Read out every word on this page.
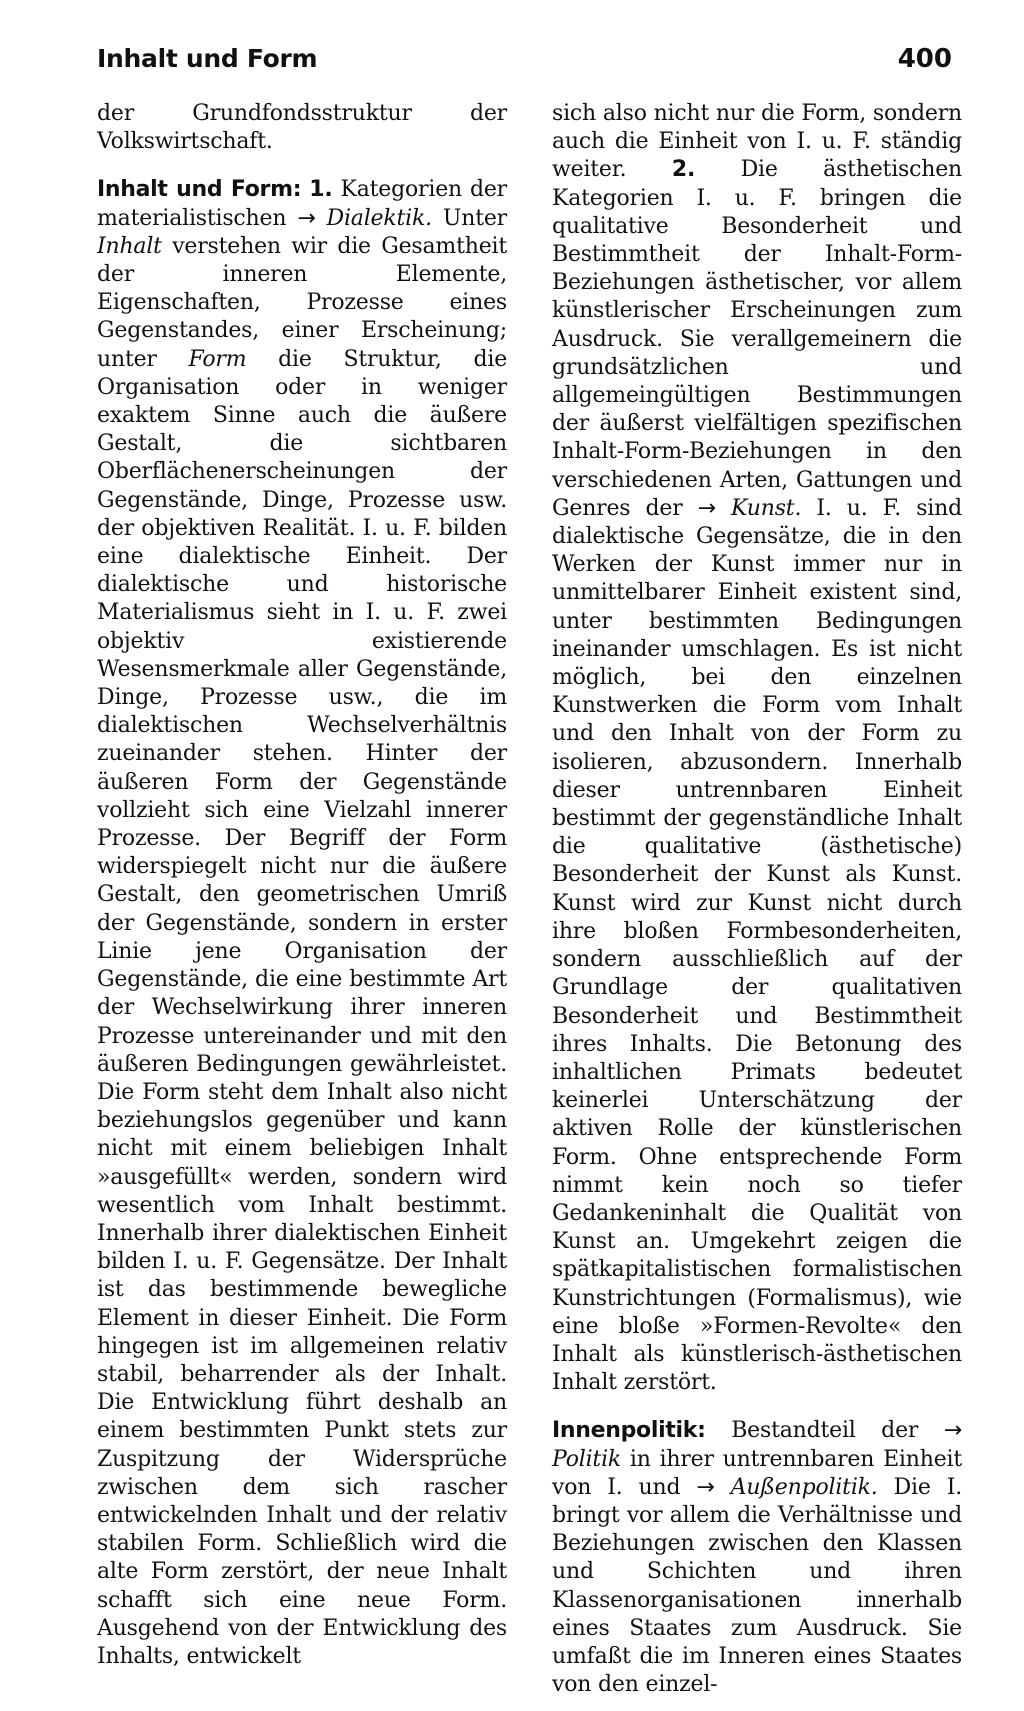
Inhalt und Form	400

der Grundfondsstruktur der Volkswirtschaft.

Inhalt und Form: 1. Kategorien der materialistischen → Dialektik. Unter Inhalt verstehen wir die Gesamtheit der inneren Elemente, Eigenschaften, Prozesse eines Gegenstandes, einer Erscheinung; unter Form die Struktur, die Organisation oder in weniger exaktem Sinne auch die äußere Gestalt, die sichtbaren Oberflächenerscheinungen der Gegenstände, Dinge, Prozesse usw. der objektiven Realität. I. u. F. bilden eine dialektische Einheit. Der dialektische und historische Materialismus sieht in I. u. F. zwei objektiv existierende Wesensmerkmale aller Gegenstände, Dinge, Prozesse usw., die im dialektischen Wechselverhältnis zueinander stehen. Hinter der äußeren Form der Gegenstände vollzieht sich eine Vielzahl innerer Prozesse. Der Begriff der Form widerspiegelt nicht nur die äußere Gestalt, den geometrischen Umriß der Gegenstände, sondern in erster Linie jene Organisation der Gegenstände, die eine bestimmte Art der Wechselwirkung ihrer inneren Prozesse untereinander und mit den äußeren Bedingungen gewährleistet. Die Form steht dem Inhalt also nicht beziehungslos gegenüber und kann nicht mit einem beliebigen Inhalt »ausgefüllt« werden, sondern wird wesentlich vom Inhalt bestimmt. Innerhalb ihrer dialektischen Einheit bilden I. u. F. Gegensätze. Der Inhalt ist das bestimmende bewegliche Element in dieser Einheit. Die Form hingegen ist im allgemeinen relativ stabil, beharrender als der Inhalt. Die Entwicklung führt deshalb an einem bestimmten Punkt stets zur Zuspitzung der Widersprüche zwischen dem sich rascher entwickelnden Inhalt und der relativ stabilen Form. Schließlich wird die alte Form zerstört, der neue Inhalt schafft sich eine neue Form. Ausgehend von der Entwicklung des Inhalts, entwickelt

sich also nicht nur die Form, sondern auch die Einheit von I. u. F. ständig weiter. 2. Die ästhetischen Kategorien I. u. F. bringen die qualitative Besonderheit und Bestimmtheit der Inhalt-Form-Beziehungen ästhetischer, vor allem künstlerischer Erscheinungen zum Ausdruck. Sie verallgemeinern die grundsätzlichen und allgemeingültigen Bestimmungen der äußerst vielfältigen spezifischen Inhalt-Form-Beziehungen in den verschiedenen Arten, Gattungen und Genres der → Kunst. I. u. F. sind dialektische Gegensätze, die in den Werken der Kunst immer nur in unmittelbarer Einheit existent sind, unter bestimmten Bedingungen ineinander umschlagen. Es ist nicht möglich, bei den einzelnen Kunstwerken die Form vom Inhalt und den Inhalt von der Form zu isolieren, abzusondern. Innerhalb dieser untrennbaren Einheit bestimmt der gegenständliche Inhalt die qualitative (ästhetische) Besonderheit der Kunst als Kunst. Kunst wird zur Kunst nicht durch ihre bloßen Formbesonderheiten, sondern ausschließlich auf der Grundlage der qualitativen Besonderheit und Bestimmtheit ihres Inhalts. Die Betonung des inhaltlichen Primats bedeutet keinerlei Unterschätzung der aktiven Rolle der künstlerischen Form. Ohne entsprechende Form nimmt kein noch so tiefer Gedankeninhalt die Qualität von Kunst an. Umgekehrt zeigen die spätkapitalistischen formalistischen Kunstrichtungen (Formalismus), wie eine bloße »Formen-Revolte« den Inhalt als künstlerisch-ästhetischen Inhalt zerstört.

Innenpolitik: Bestandteil der → Politik in ihrer untrennbaren Einheit von I. und → Außenpolitik. Die I. bringt vor allem die Verhältnisse und Beziehungen zwischen den Klassen und Schichten und ihren Klassenorganisationen innerhalb eines Staates zum Ausdruck. Sie umfaßt die im Inneren eines Staates von den einzel-
